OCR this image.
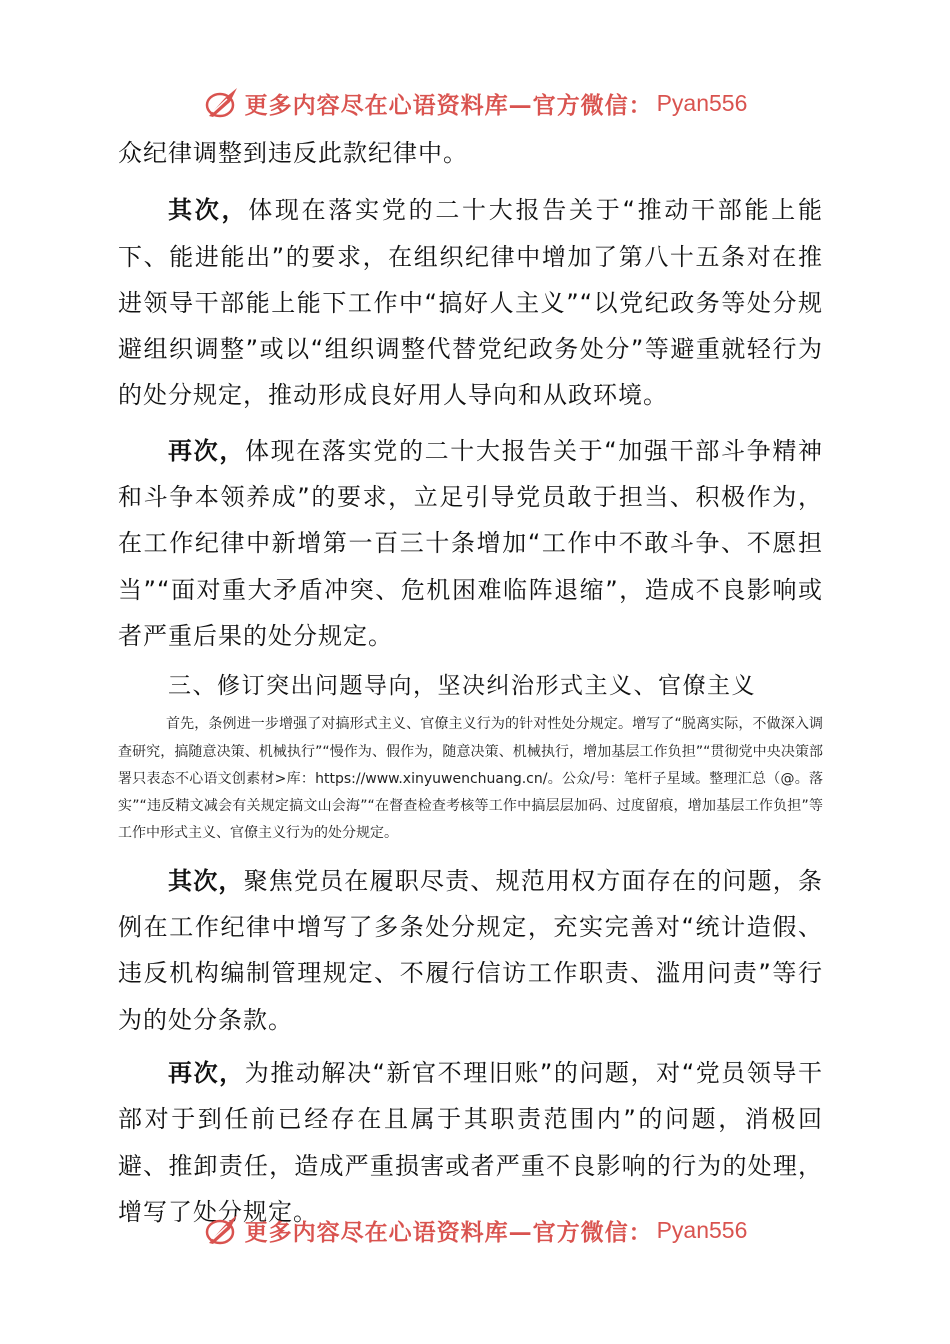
更多内容尽在心语资料库—官方微信： Pyan556

众纪律调整到违反此款纪律中。

其次，体现在落实党的二十大报告关于“推动干部能上能下、能进能出”的要求，在组织纪律中增加了第八十五条对在推进领导干部能上能下工作中“搞好人主义”“以党纪政务等处分规避组织调整”或以“组织调整代替党纪政务处分”等避重就轻行为的处分规定，推动形成良好用人导向和从政环境。

再次，体现在落实党的二十大报告关于“加强干部斗争精神和斗争本领养成”的要求，立足引导党员敢于担当、积极作为，在工作纪律中新增第一百三十条增加“工作中不敢斗争、不愿担当”“面对重大矛盾冲突、危机困难临阵退缩”，造成不良影响或者严重后果的处分规定。

三、修订突出问题导向，坚决纠治形式主义、官僚主义

首先，条例进一步增强了对搞形式主义、官僚主义行为的针对性处分规定。增写了“脱离实际，不做深入调查研究，搞随意决策、机械执行”“慢作为、假作为，随意决策、机械执行，增加基层工作负担”“贯彻党中央决策部署只表态不心语文创素材>库：https://www.xinyuwenchuang.cn/。公众/号：笔杆子星域。整理汇总（@。落实”“违反精文减会有关规定搞文山会海”“在督查检查考核等工作中搞层层加码、过度留痕，增加基层工作负担”等工作中形式主义、官僚主义行为的处分规定。

其次，聚焦党员在履职尽责、规范用权方面存在的问题，条例在工作纪律中增写了多条处分规定，充实完善对“统计造假、违反机构编制管理规定、不履行信访工作职责、滥用问责”等行为的处分条款。

再次，为推动解决“新官不理旧账”的问题，对“党员领导干部对于到任前已经存在且属于其职责范围内”的问题，消极回避、推卸责任，造成严重损害或者严重不良影响的行为的处理，增写了处分规定。

更多内容尽在心语资料库—官方微信： Pyan556
